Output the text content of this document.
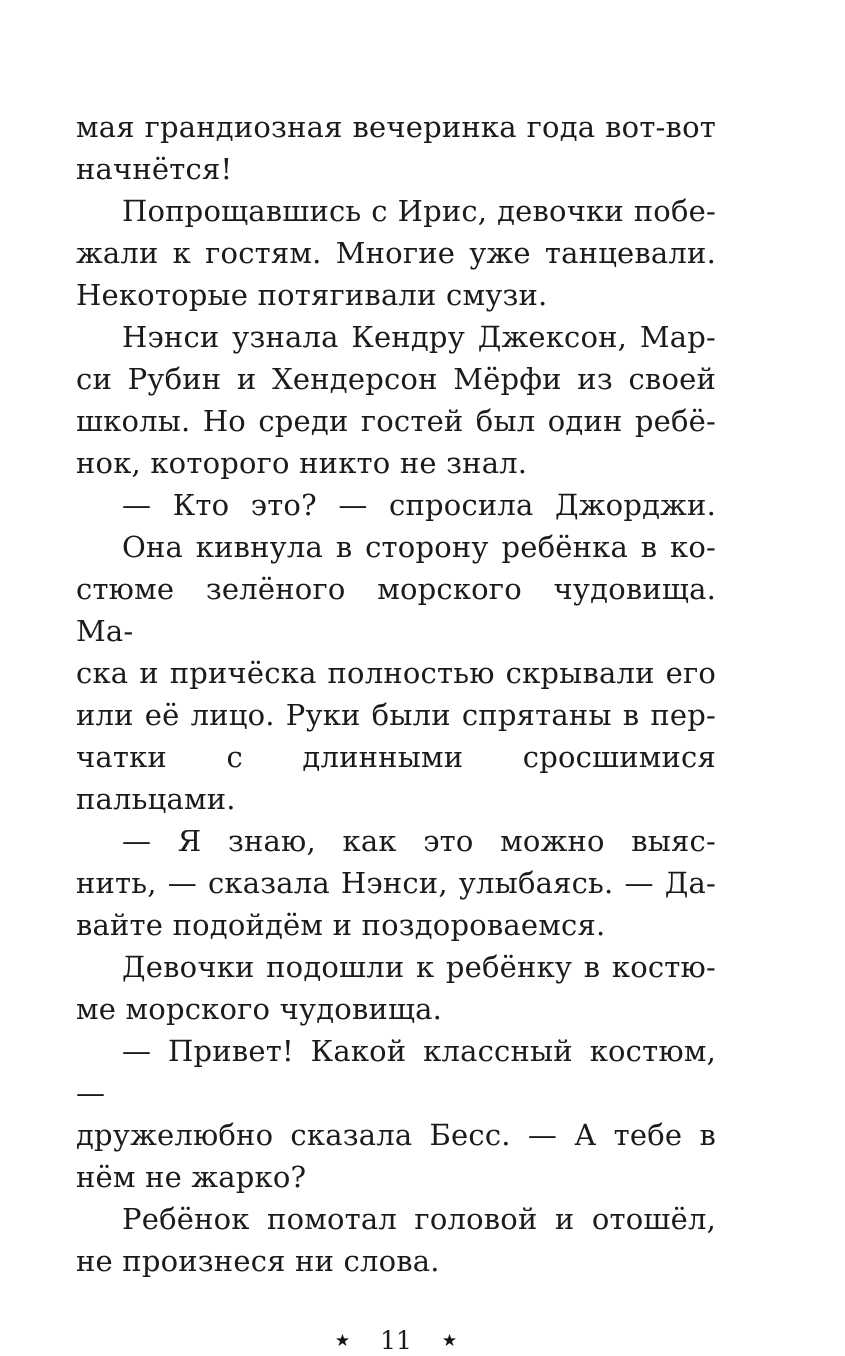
мая грандиозная вечеринка года вот-вот
начнётся!
Попрощавшись с Ирис, девочки побе-
жали к гостям. Многие уже танцевали.
Некоторые потягивали смузи.
Нэнси узнала Кендру Джексон, Мар-
си Рубин и Хендерсон Мёрфи из своей
школы. Но среди гостей был один ребё-
нок, которого никто не знал.
— Кто это? — спросила Джорджи.
Она кивнула в сторону ребёнка в ко-
стюме зелёного морского чудовища. Ма-
ска и причёска полностью скрывали его
или её лицо. Руки были спрятаны в пер-
чатки с длинными сросшимися пальцами.
— Я знаю, как это можно выяс-
нить, — сказала Нэнси, улыбаясь. — Да-
вайте подойдём и поздороваемся.
Девочки подошли к ребёнку в костю-
ме морского чудовища.
— Привет! Какой классный костюм, —
дружелюбно сказала Бесс. — А тебе в
нём не жарко?
Ребёнок помотал головой и отошёл,
не произнеся ни слова.
★ 11 ★
